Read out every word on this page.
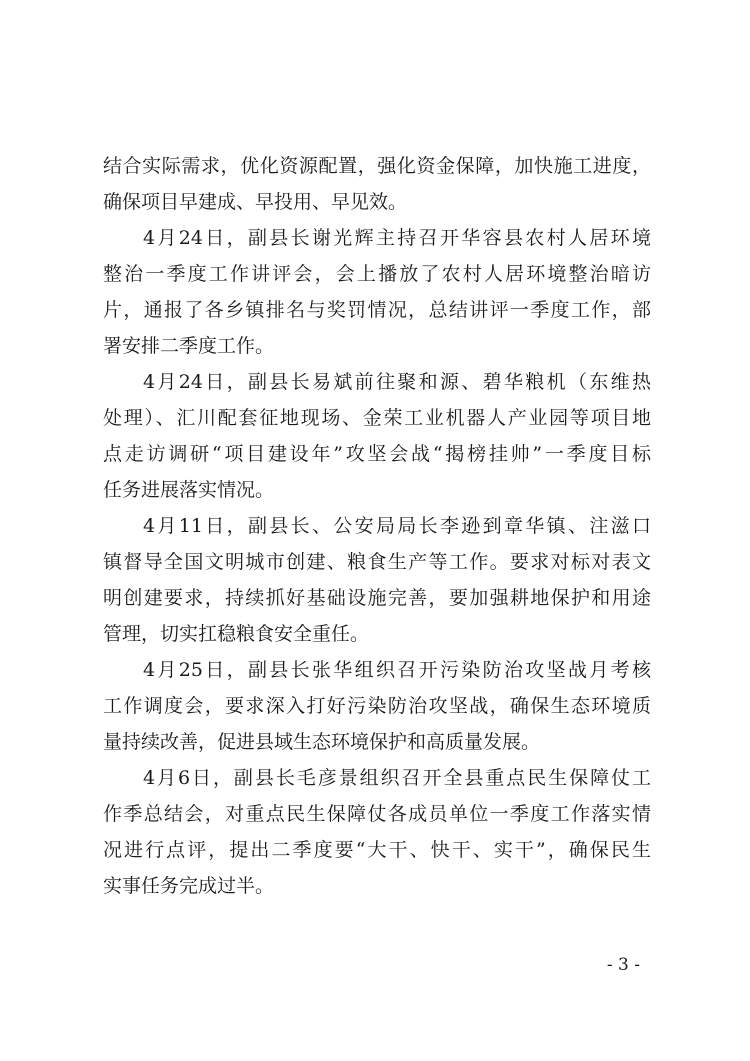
结合实际需求，优化资源配置，强化资金保障，加快施工进度，
确保项目早建成、早投用、早见效。
4月24日，副县长谢光辉主持召开华容县农村人居环境
整治一季度工作讲评会，会上播放了农村人居环境整治暗访
片，通报了各乡镇排名与奖罚情况，总结讲评一季度工作，部
署安排二季度工作。
4月24日，副县长易斌前往聚和源、碧华粮机（东维热
处理）、汇川配套征地现场、金荣工业机器人产业园等项目地
点走访调研“项目建设年”攻坚会战“揭榜挂帅”一季度目标
任务进展落实情况。
4月11日，副县长、公安局局长李逊到章华镇、注滋口
镇督导全国文明城市创建、粮食生产等工作。要求对标对表文
明创建要求，持续抓好基础设施完善，要加强耕地保护和用途
管理，切实扛稳粮食安全重任。
4月25日，副县长张华组织召开污染防治攻坚战月考核
工作调度会，要求深入打好污染防治攻坚战，确保生态环境质
量持续改善，促进县域生态环境保护和高质量发展。
4月6日，副县长毛彦景组织召开全县重点民生保障仗工
作季总结会，对重点民生保障仗各成员单位一季度工作落实情
况进行点评，提出二季度要“大干、快干、实干”，确保民生
实事任务完成过半。
- 3 -
